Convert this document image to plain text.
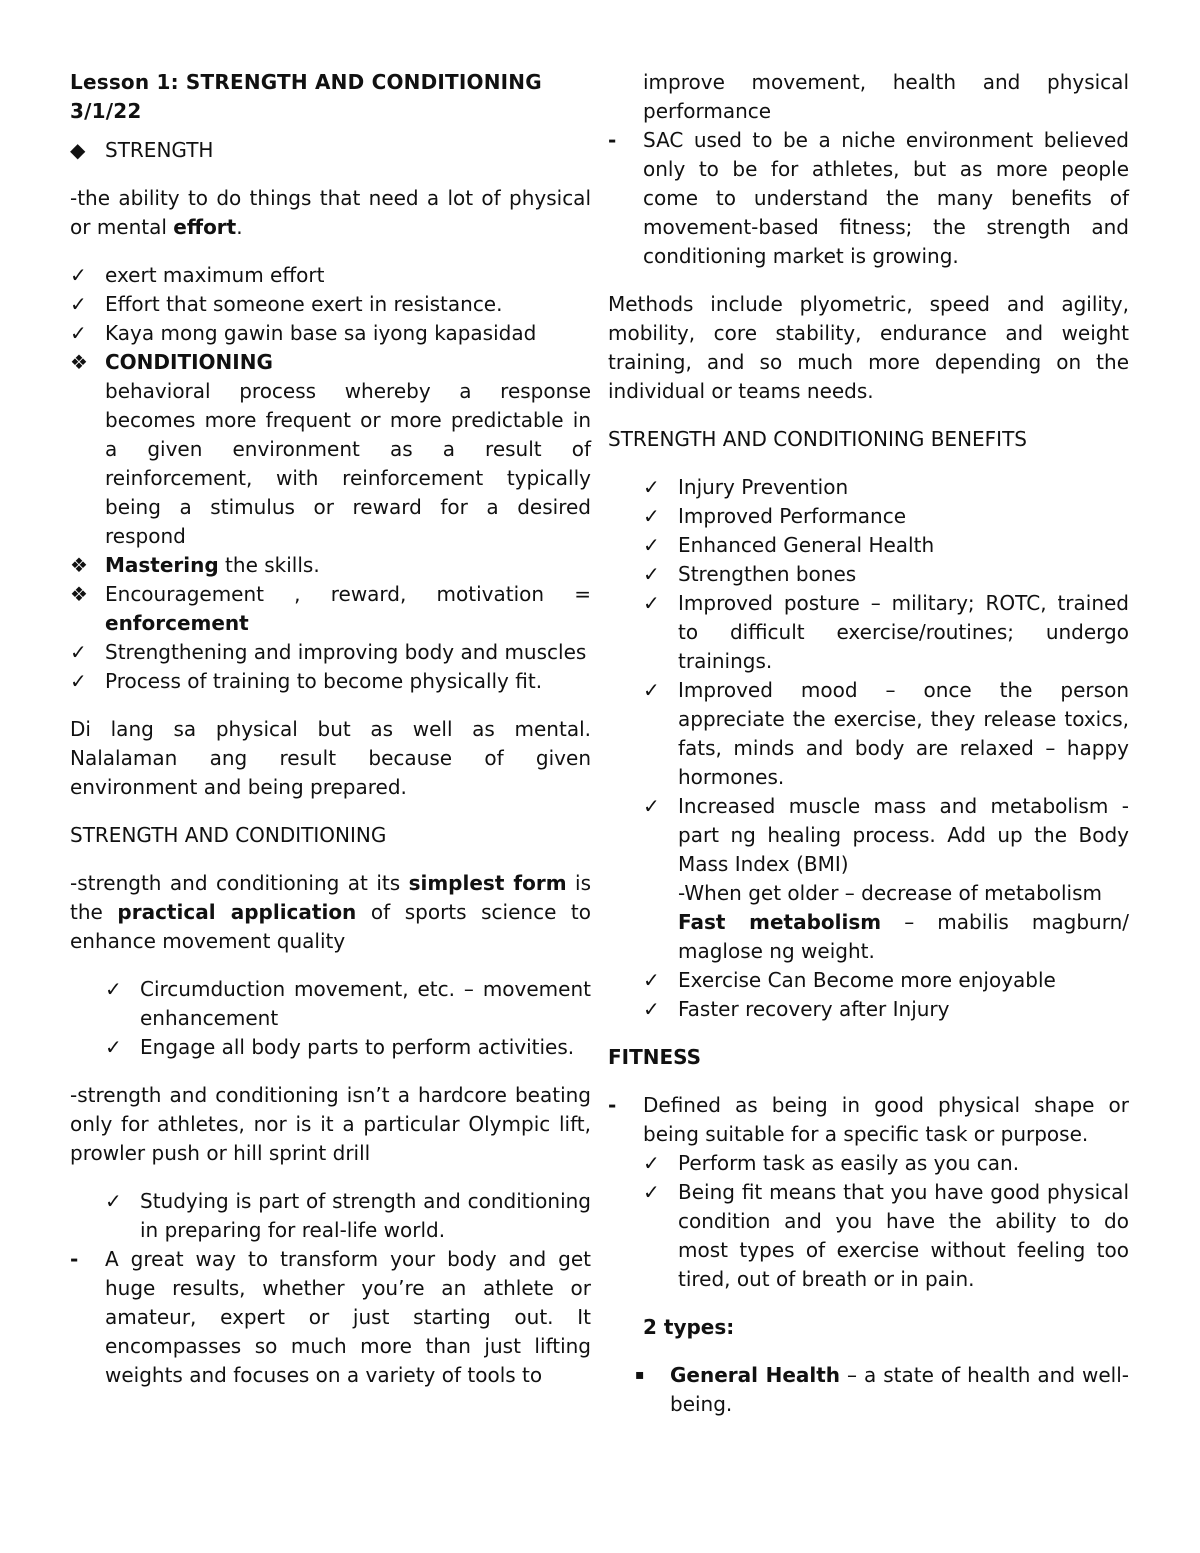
Lesson 1: STRENGTH AND CONDITIONING
3/1/22

◆ STRENGTH

-the ability to do things that need a lot of physical or mental effort.

✓ exert maximum effort
✓ Effort that someone exert in resistance.
✓ Kaya mong gawin base sa iyong kapasidad
❖ CONDITIONING

behavioral process whereby a response becomes more frequent or more predictable in a given environment as a result of reinforcement, with reinforcement typically being a stimulus or reward for a desired respond

❖ Mastering the skills.
❖ Encouragement , reward, motivation = enforcement
✓ Strengthening and improving body and muscles
✓ Process of training to become physically fit.

Di lang sa physical but as well as mental. Nalalaman ang result because of given environment and being prepared.

STRENGTH AND CONDITIONING

-strength and conditioning at its simplest form is the practical application of sports science to enhance movement quality

✓ Circumduction movement, etc. – movement enhancement
✓ Engage all body parts to perform activities.

-strength and conditioning isn’t a hardcore beating only for athletes, nor is it a particular Olympic lift, prowler push or hill sprint drill

✓ Studying is part of strength and conditioning in preparing for real-life world.
-	A great way to transform your body and get huge results, whether you’re an athlete or amateur, expert or just starting out. It encompasses so much more than just lifting weights and focuses on a variety of tools to

improve movement, health and physical performance

-	SAC used to be a niche environment believed only to be for athletes, but as more people come to understand the many benefits of movement-based fitness; the strength and conditioning market is growing.

Methods include plyometric, speed and agility, mobility, core stability, endurance and weight training, and so much more depending on the individual or teams needs.

STRENGTH AND CONDITIONING BENEFITS

✓ Injury Prevention
✓ Improved Performance
✓ Enhanced General Health
✓ Strengthen bones
✓ Improved posture – military; ROTC, trained to difficult exercise/routines; undergo trainings.
✓ Improved mood – once the person appreciate the exercise, they release toxics, fats, minds and body are relaxed – happy hormones.
✓ Increased muscle mass and metabolism - part ng healing process. Add up the Body Mass Index (BMI)

-When get older – decrease of metabolism

Fast metabolism – mabilis magburn/ maglose ng weight.

✓ Exercise Can Become more enjoyable
✓ Faster recovery after Injury

FITNESS

-	Defined as being in good physical shape or being suitable for a specific task or purpose.
✓ Perform task as easily as you can.
✓ Being fit means that you have good physical condition and you have the ability to do most types of exercise without feeling too tired, out of breath or in pain.

2 types:

▪	General Health – a state of health and well-being.
